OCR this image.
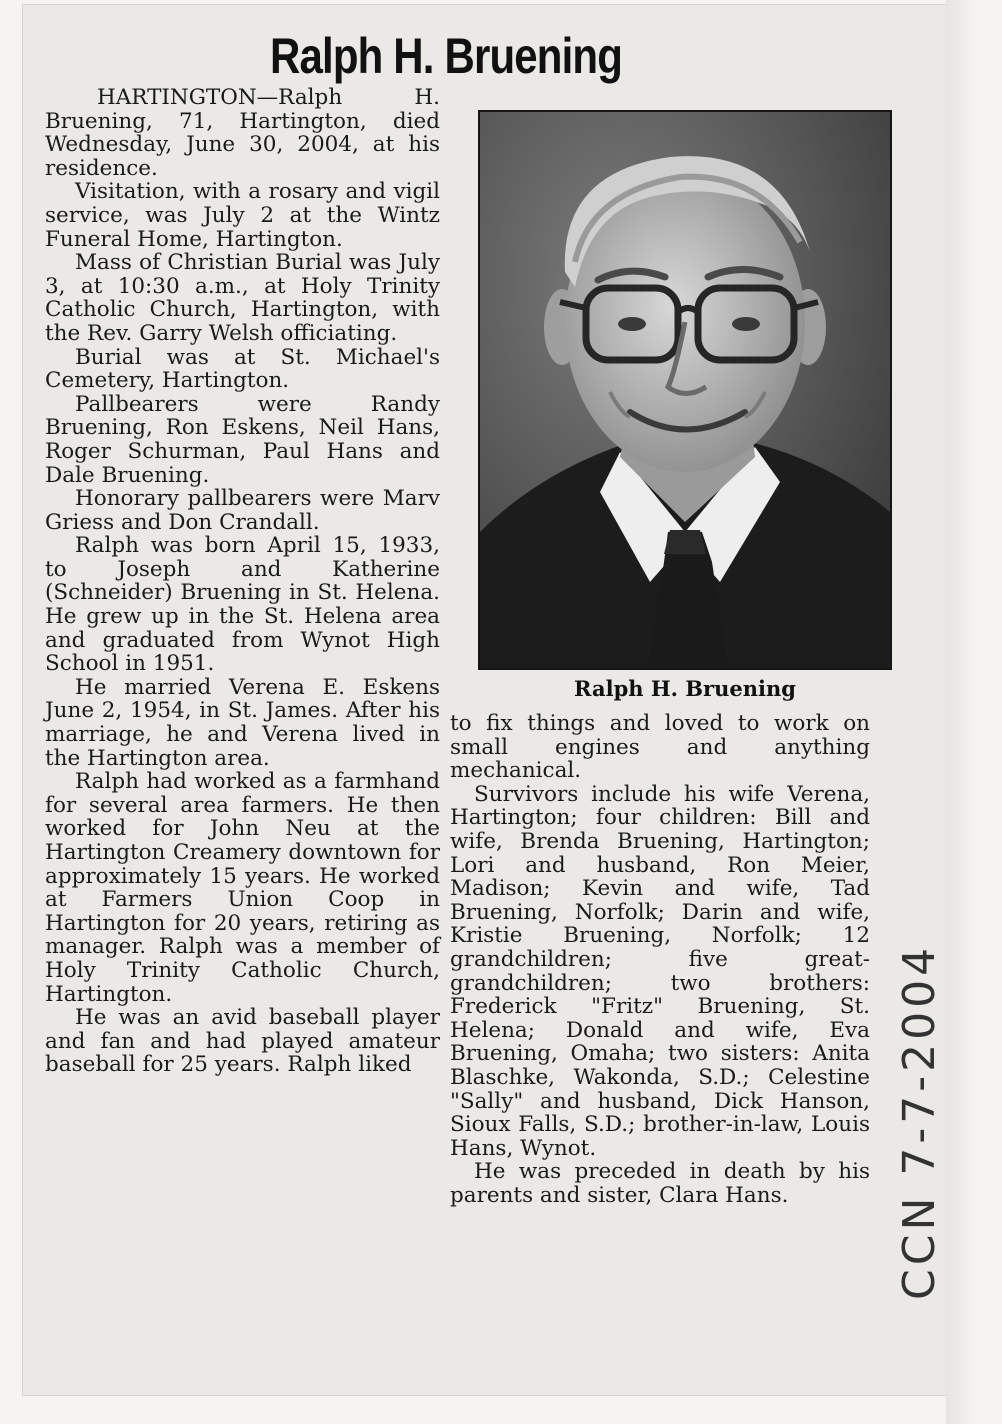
Ralph H. Bruening

HARTINGTON—Ralph H. Bruening, 71, Hartington, died Wednesday, June 30, 2004, at his residence.

Visitation, with a rosary and vigil service, was July 2 at the Wintz Funeral Home, Hartington.

Mass of Christian Burial was July 3, at 10:30 a.m., at Holy Trinity Catholic Church, Hartington, with the Rev. Garry Welsh officiating.

Burial was at St. Michael's Cemetery, Hartington.

Pallbearers were Randy Bruening, Ron Eskens, Neil Hans, Roger Schurman, Paul Hans and Dale Bruening.

Honorary pallbearers were Marv Griess and Don Crandall.

Ralph was born April 15, 1933, to Joseph and Katherine (Schneider) Bruening in St. Helena. He grew up in the St. Helena area and graduated from Wynot High School in 1951.

He married Verena E. Eskens June 2, 1954, in St. James. After his marriage, he and Verena lived in the Hartington area.

Ralph had worked as a farmhand for several area farmers. He then worked for John Neu at the Hartington Creamery downtown for approximately 15 years. He worked at Farmers Union Coop in Hartington for 20 years, retiring as manager. Ralph was a member of Holy Trinity Catholic Church, Hartington.

He was an avid baseball player and fan and had played amateur baseball for 25 years. Ralph liked

Ralph H. Bruening

to fix things and loved to work on small engines and anything mechanical.

Survivors include his wife Verena, Hartington; four children: Bill and wife, Brenda Bruening, Hartington; Lori and husband, Ron Meier, Madison; Kevin and wife, Tad Bruening, Norfolk; Darin and wife, Kristie Bruening, Norfolk; 12 grandchildren; five great-grandchildren; two brothers: Frederick "Fritz" Bruening, St. Helena; Donald and wife, Eva Bruening, Omaha; two sisters: Anita Blaschke, Wakonda, S.D.; Celestine "Sally" and husband, Dick Hanson, Sioux Falls, S.D.; brother-in-law, Louis Hans, Wynot.

He was preceded in death by his parents and sister, Clara Hans.	CCN 7-7-2004
